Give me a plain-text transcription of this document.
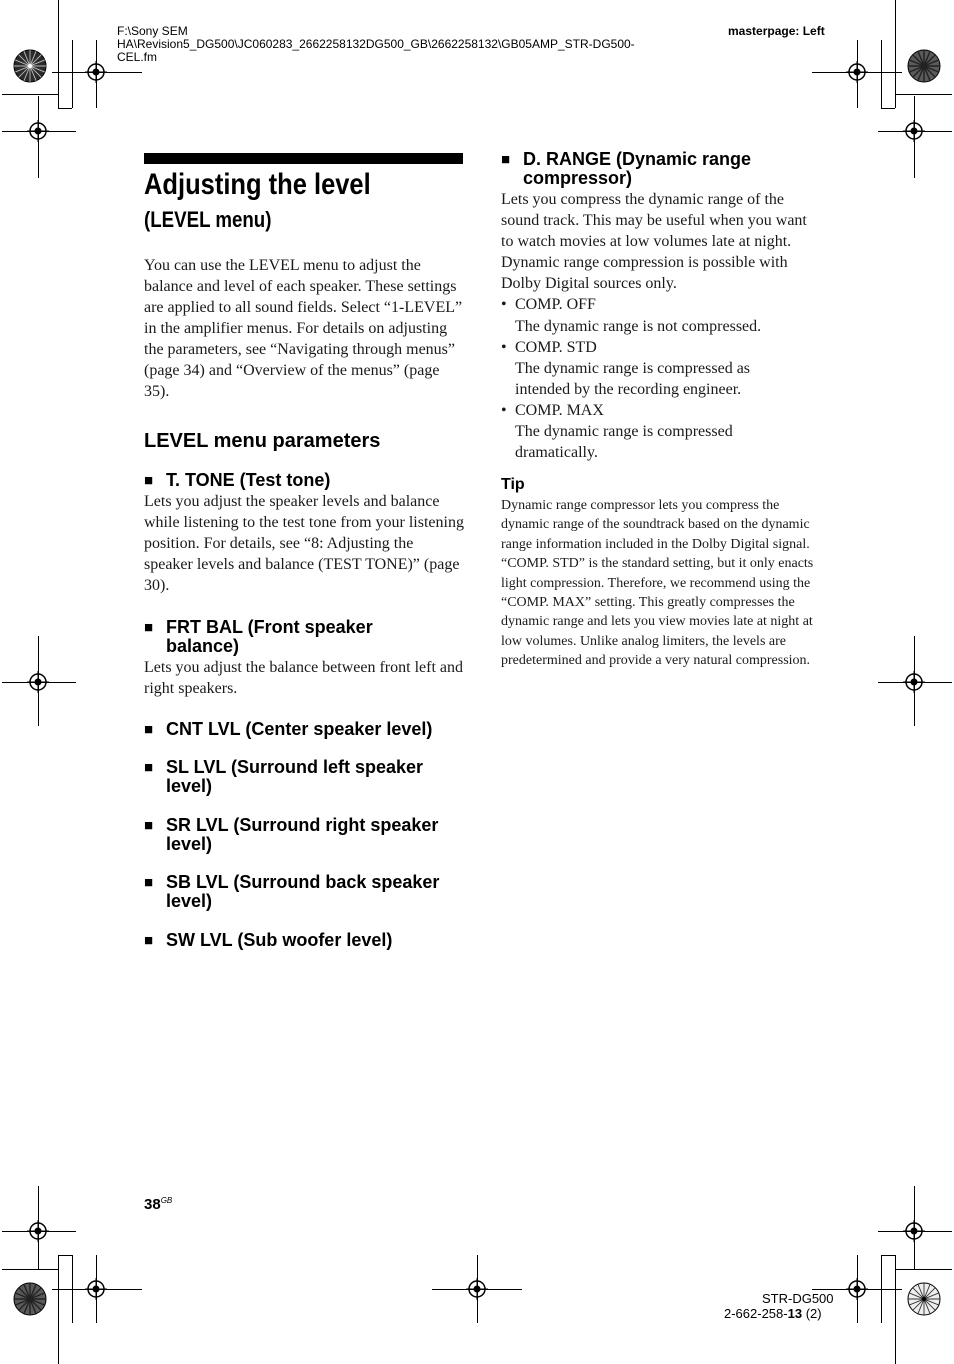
F:\Sony SEM
HA\Revision5_DG500\JC060283_2662258132DG500_GB\2662258132\GB05AMP_STR-DG500-
CEL.fm
masterpage: Left
Adjusting the level
(LEVEL menu)

You can use the LEVEL menu to adjust the balance and level of each speaker. These settings are applied to all sound fields. Select “1-LEVEL” in the amplifier menus. For details on adjusting the parameters, see “Navigating through menus” (page 34) and “Overview of the menus” (page 35).

LEVEL menu parameters
■ T. TONE (Test tone)

Lets you adjust the speaker levels and balance while listening to the test tone from your listening position. For details, see “8: Adjusting the speaker levels and balance (TEST TONE)” (page 30).

■ FRT BAL (Front speaker balance)

Lets you adjust the balance between front left and right speakers.

■ CNT LVL (Center speaker level)
■ SL LVL (Surround left speaker level)
■ SR LVL (Surround right speaker level)
■ SB LVL (Surround back speaker level)
■ SW LVL (Sub woofer level)
■ D. RANGE (Dynamic range compressor)

Lets you compress the dynamic range of the sound track. This may be useful when you want to watch movies at low volumes late at night. Dynamic range compression is possible with Dolby Digital sources only.

• COMP. OFF
The dynamic range is not compressed.
• COMP. STD
The dynamic range is compressed as intended by the recording engineer.
• COMP. MAX
The dynamic range is compressed dramatically.
Tip

Dynamic range compressor lets you compress the dynamic range of the soundtrack based on the dynamic range information included in the Dolby Digital signal.

“COMP. STD” is the standard setting, but it only enacts light compression. Therefore, we recommend using the “COMP. MAX” setting. This greatly compresses the dynamic range and lets you view movies late at night at low volumes. Unlike analog limiters, the levels are predetermined and provide a very natural compression.

$38^{GB}$
STR-DG500
2-662-258-13 (2)
